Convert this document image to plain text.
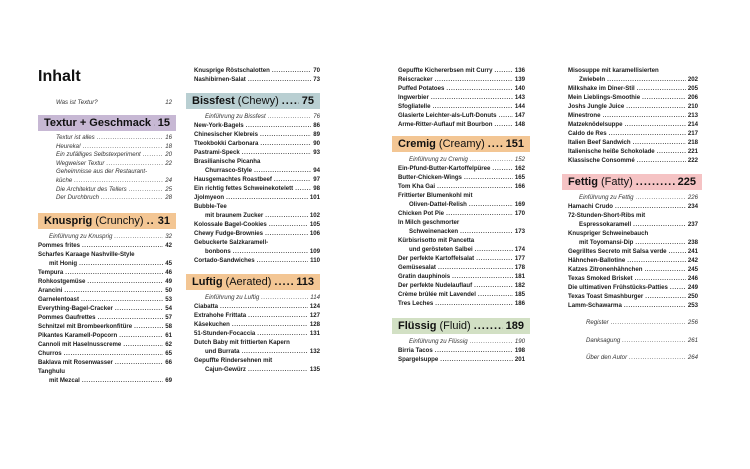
Inhalt
Was ist Textur?	12
Textur + Geschmack ..... 15
Textur ist alles .....	16
Heureka! .....	18
Ein zufälliges Selbstexperiment .....	20
Wegweiser Textur .....	22
Geheimnisse aus der Restaurant-
küche .....	24
Die Architektur des Tellers .....	25
Der Durchbruch .....	28
Knusprig (Crunchy) ..... 31
Einführung zu Knusprig .....	32
Pommes frites .....	42
Scharfes Karaage Nashville-Style
mit Honig .....	45
Tempura .....	46
Rohkostgemüse .....	49
Arancini .....	50
Garnelentoast .....	53
Everything-Bagel-Cracker .....	54
Pommes Gaufrettes .....	57
Schnitzel mit Brombeerkonfitüre .....	58
Pikantes Karamell-Popcorn .....	61
Cannoli mit Haselnusscreme .....	62
Churros .....	65
Baklava mit Rosenwasser .....	66
Tanghulu
mit Mezcal .....	69
Knusprige Röstschalotten .....	70
Nashibirnen-Salat .....	73
Bissfest (Chewy) ..... 75
Einführung zu Bissfest .....	76
New-York-Bagels .....	86
Chinesischer Klebreis .....	89
Tteokbokki Carbonara .....	90
Pastrami-Speck .....	93
Brasilianische Picanha
Churrasco-Style .....	94
Hausgemachtes Roastbeef .....	97
Ein richtig fettes Schweinekotelett .....	98
Jjolmyeon .....	101
Bubble-Tee
mit braunem Zucker .....	102
Kolossale Bagel-Cookies .....	105
Chewy Fudge-Brownies .....	106
Gebuckerte Salzkaramell-
bonbons .....	109
Cortado-Sandwiches .....	110
Luftig (Aerated) ..... 113
Einführung zu Luftig .....	114
Ciabatta .....	124
Extrahohe Frittata .....	127
Käsekuchen .....	128
51-Stunden-Focaccia .....	131
Dutch Baby mit frittierten Kapern
und Burrata .....	132
Gepuffte Rindersehnen mit
Cajun-Gewürz .....	135
Gepuffte Kichererbsen mit Curry .....	136
Reiscracker .....	139
Puffed Potatoes .....	140
Ingwerbier .....	143
Sfogliatelle .....	144
Glasierte Leichter-als-Luft-Donuts .....	147
Arme-Ritter-Auflauf mit Bourbon .....	148
Cremig (Creamy) ..... 151
Einführung zu Cremig .....	152
Ein-Pfund-Butter-Kartoffelpüree .....	162
Butter-Chicken-Wings .....	165
Tom Kha Gai .....	166
Frittierter Blumenkohl mit
Oliven-Dattel-Relish .....	169
Chicken Pot Pie .....	170
In Milch geschmorter
Schweinenacken .....	173
Kürbisrisotto mit Pancetta
und gerösteten Salbei .....	174
Der perfekte Kartoffelsalat .....	177
Gemüsesalat .....	178
Gratin dauphinois .....	181
Der perfekte Nudelauflauf .....	182
Crème brûlée mit Lavendel .....	185
Tres Leches .....	186
Flüssig (Fluid) .....	189
Einführung zu Flüssig .....	190
Birria Tacos .....	198
Spargelsuppe .....	201
Misosuppe mit karamellisierten
Zwiebeln .....	202
Milkshake im Diner-Stil .....	205
Mein Lieblings-Smoothie .....	206
Joshs Jungle Juice .....	210
Minestrone .....	213
Matzeknödelsuppe .....	214
Caldo de Res .....	217
Italien Beef Sandwich .....	218
Italienische heiße Schokolade .....	221
Klassische Consommé .....	222
Fettig (Fatty) .....	225
Einführung zu Fettig .....	226
Hamachi Crudo .....	234
72-Stunden-Short-Ribs mit
Espressokaramell .....	237
Knuspriger Schweinebauch
mit Toyomansi-Dip .....	238
Gegrilltes Secreto mit Salsa verde .....	241
Hähnchen-Ballotine .....	242
Katzes Zitronenhähnchen .....	245
Texas Smoked Brisket .....	246
Die ultimativen Frühstücks-Patties .....	249
Texas Toast Smashburger .....	250
Lamm-Schawarma .....	253
Register .....	256
Danksagung .....	261
Über den Autor .....	264
